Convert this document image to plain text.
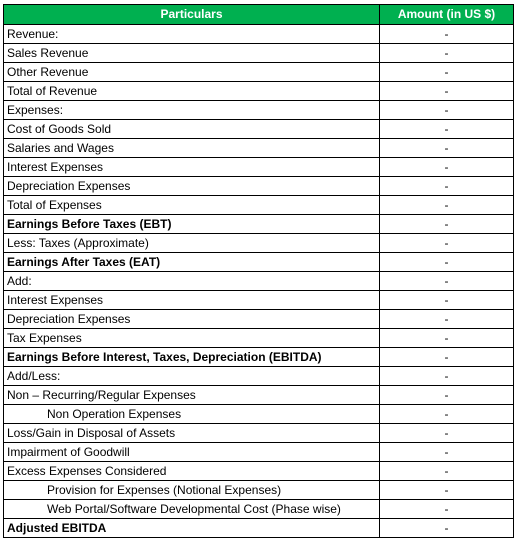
Particulars	Amount (in US $)
Revenue:	-
Sales Revenue	-
Other Revenue	-
Total of Revenue	-
Expenses:	-
Cost of Goods Sold	-
Salaries and Wages	-
Interest Expenses	-
Depreciation Expenses	-
Total of Expenses	-
Earnings Before Taxes (EBT)	-
Less: Taxes (Approximate)	-
Earnings After Taxes (EAT)	-
Add:	-
Interest Expenses	-
Depreciation Expenses	-
Tax Expenses	-
Earnings Before Interest, Taxes, Depreciation (EBITDA)	-
Add/Less:	-
Non – Recurring/Regular Expenses	-
Non Operation Expenses	-
Loss/Gain in Disposal of Assets	-
Impairment of Goodwill	-
Excess Expenses Considered	-
Provision for Expenses (Notional Expenses)	-
Web Portal/Software Developmental Cost (Phase wise)	-
Adjusted EBITDA	-
